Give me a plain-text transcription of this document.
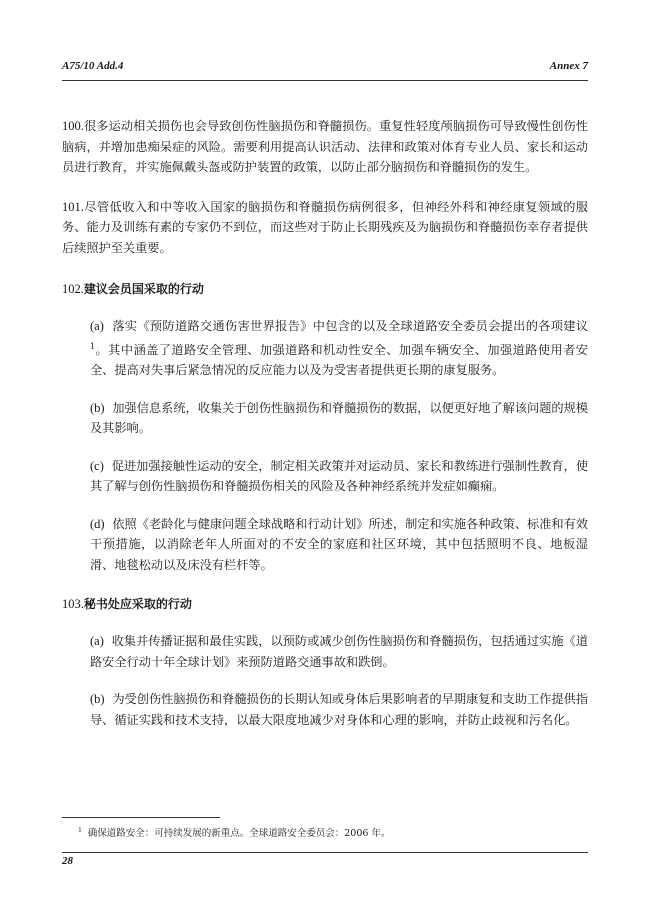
A75/10 Add.4	Annex 7

100.很多运动相关损伤也会导致创伤性脑损伤和脊髓损伤。重复性轻度颅脑损伤可导致慢性创伤性脑病，并增加患痴呆症的风险。需要利用提高认识活动、法律和政策对体育专业人员、家长和运动员进行教育，并实施佩戴头盔或防护装置的政策，以防止部分脑损伤和脊髓损伤的发生。

101.尽管低收入和中等收入国家的脑损伤和脊髓损伤病例很多，但神经外科和神经康复领域的服务、能力及训练有素的专家仍不到位，而这些对于防止长期残疾及为脑损伤和脊髓损伤幸存者提供后续照护至关重要。

102.建议会员国采取的行动

(a) 落实《预防道路交通伤害世界报告》中包含的以及全球道路安全委员会提出的各项建议$^1$。其中涵盖了道路安全管理、加强道路和机动性安全、加强车辆安全、加强道路使用者安全、提高对失事后紧急情况的反应能力以及为受害者提供更长期的康复服务。

(b) 加强信息系统，收集关于创伤性脑损伤和脊髓损伤的数据，以便更好地了解该问题的规模及其影响。

(c) 促进加强接触性运动的安全，制定相关政策并对运动员、家长和教练进行强制性教育，使其了解与创伤性脑损伤和脊髓损伤相关的风险及各种神经系统并发症如癫痫。

(d) 依照《老龄化与健康问题全球战略和行动计划》所述，制定和实施各种政策、标准和有效干预措施，以消除老年人所面对的不安全的家庭和社区环境，其中包括照明不良、地板湿滑、地毯松动以及床没有栏杆等。

103.秘书处应采取的行动

(a) 收集并传播证据和最佳实践，以预防或减少创伤性脑损伤和脊髓损伤，包括通过实施《道路安全行动十年全球计划》来预防道路交通事故和跌倒。

(b) 为受创伤性脑损伤和脊髓损伤的长期认知或身体后果影响者的早期康复和支助工作提供指导、循证实践和技术支持，以最大限度地减少对身体和心理的影响，并防止歧视和污名化。

$^1$ 确保道路安全：可持续发展的新重点。全球道路安全委员会：2006 年。
28
